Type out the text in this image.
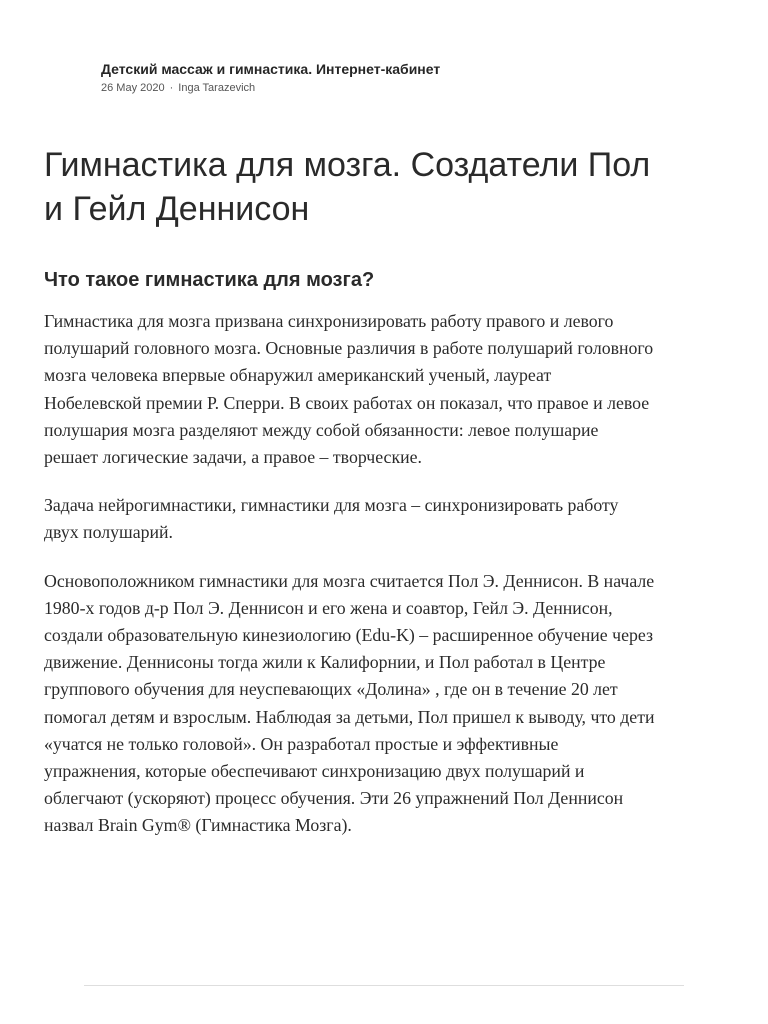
Детский массаж и гимнастика. Интернет-кабинет
26 May 2020 · Inga Tarazevich
Гимнастика для мозга. Создатели Пол
и Гейл Деннисон
Что такое гимнастика для мозга?

Гимнастика для мозга призвана синхронизировать работу правого и левого
полушарий головного мозга. Основные различия в работе полушарий головного
мозга человека впервые обнаружил американский ученый, лауреат
Нобелевской премии Р. Сперри. В своих работах он показал, что правое и левое
полушария мозга разделяют между собой обязанности: левое полушарие
решает логические задачи, а правое – творческие.

Задача нейрогимнастики, гимнастики для мозга – синхронизировать работу
двух полушарий.

Основоположником гимнастики для мозга считается Пол Э. Деннисон. В начале
1980-х годов д-р Пол Э. Деннисон и его жена и соавтор, Гейл Э. Деннисон,
создали образовательную кинезиологию (Edu-K) – расширенное обучение через
движение. Деннисоны тогда жили к Калифорнии, и Пол работал в Центре
группового обучения для неуспевающих «Долина» , где он в течение 20 лет
помогал детям и взрослым. Наблюдая за детьми, Пол пришел к выводу, что дети
«учатся не только головой». Он разработал простые и эффективные
упражнения, которые обеспечивают синхронизацию двух полушарий и
облегчают (ускоряют) процесс обучения. Эти 26 упражнений Пол Деннисон
назвал Brain Gym® (Гимнастика Мозга).
